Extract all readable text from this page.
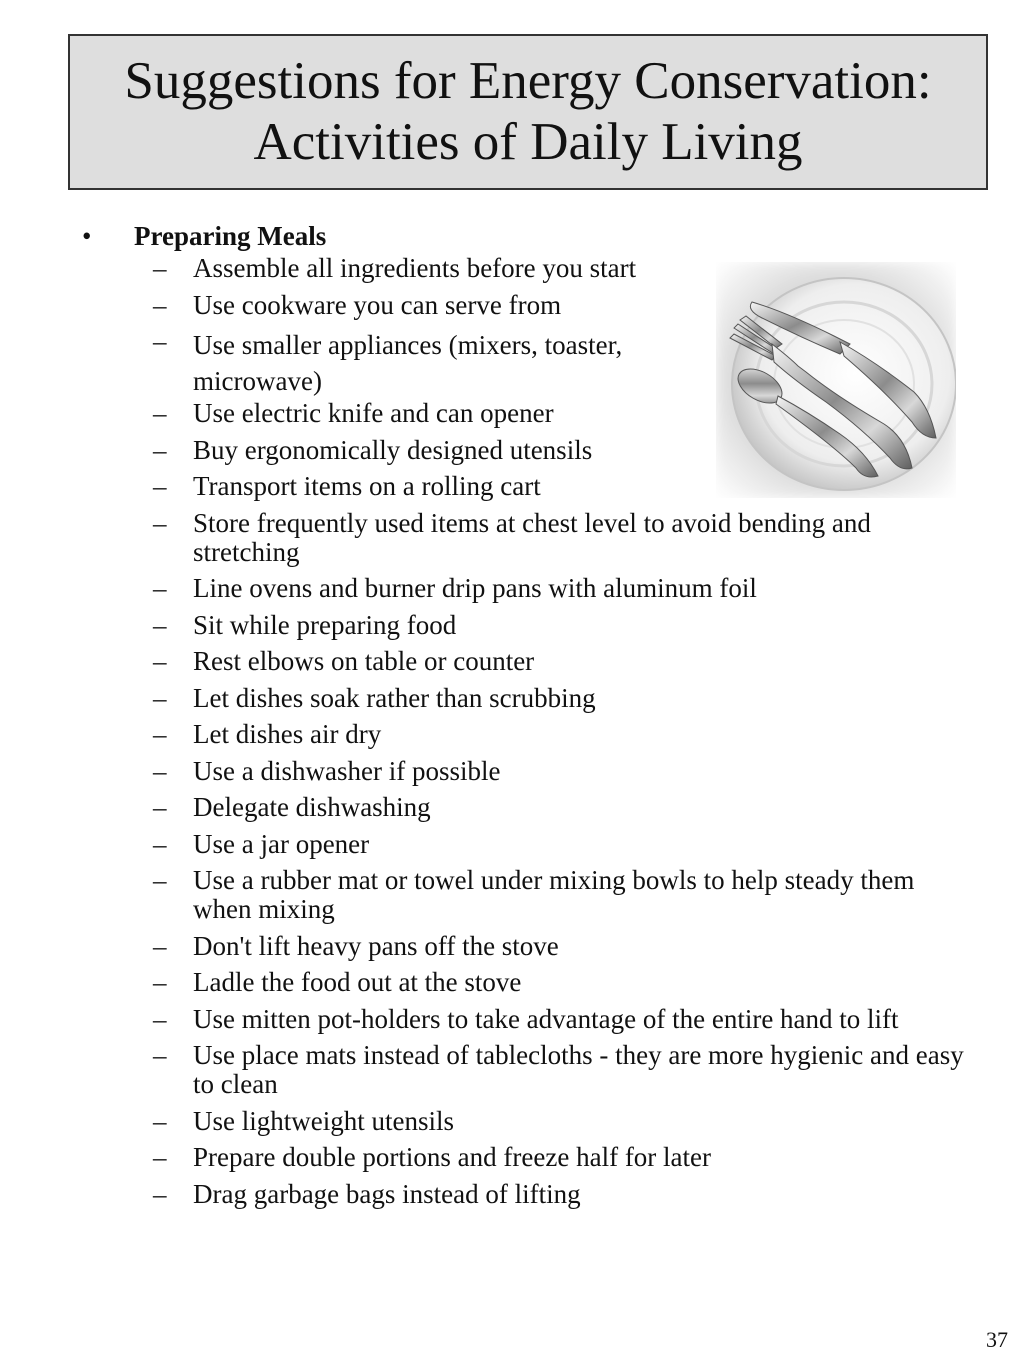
Suggestions for Energy Conservation:
Activities of Daily Living
•	Preparing Meals
– Assemble all ingredients before you start
– Use cookware you can serve from
– Use smaller appliances (mixers, toaster, microwave)
– Use electric knife and can opener
– Buy ergonomically designed utensils
– Transport items on a rolling cart
– Store frequently used items at chest level to avoid bending and stretching
– Line ovens and burner drip pans with aluminum foil
– Sit while preparing food
– Rest elbows on table or counter
– Let dishes soak rather than scrubbing
– Let dishes air dry
– Use a dishwasher if possible
– Delegate dishwashing
– Use a jar opener
– Use a rubber mat or towel under mixing bowls to help steady them when mixing
– Don't lift heavy pans off the stove
– Ladle the food out at the stove
– Use mitten pot-holders to take advantage of the entire hand to lift
– Use place mats instead of tablecloths - they are more hygienic and easy to clean
– Use lightweight utensils
– Prepare double portions and freeze half for later
– Drag garbage bags instead of lifting
37
